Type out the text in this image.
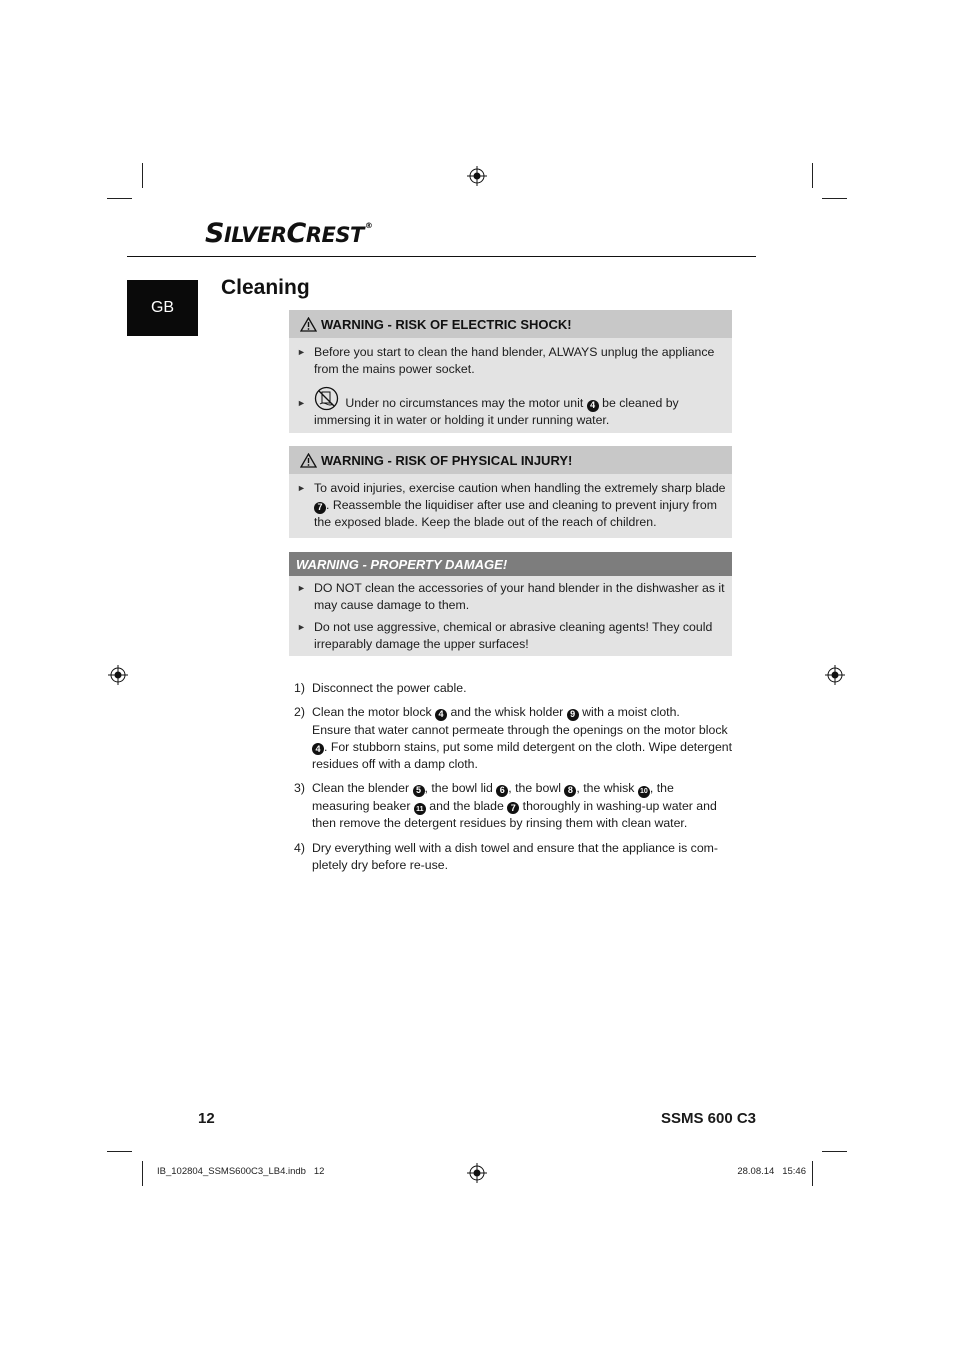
SILVERCREST®
GB
Cleaning
WARNING - RISK OF ELECTRIC SHOCK!
► Before you start to clean the hand blender, ALWAYS unplug the appliance from the mains power socket.
►	Under no circumstances may the motor unit 4 be cleaned by immersing it in water or holding it under running water.
WARNING - RISK OF PHYSICAL INJURY!
► To avoid injuries, exercise caution when handling the extremely sharp blade 7 . Reassemble the liquidiser after use and cleaning to prevent injury from the exposed blade. Keep the blade out of the reach of children.
WARNING - PROPERTY DAMAGE!
► DO NOT clean the accessories of your hand blender in the dishwasher as it may cause damage to them.
► Do not use aggressive, chemical or abrasive cleaning agents! They could irreparably damage the upper surfaces!
1) Disconnect the power cable.
2) Clean the motor block 4 and the whisk holder 9 with a moist cloth.
Ensure that water cannot permeate through the openings on the motor block 4 . For stubborn stains, put some mild detergent on the cloth. Wipe detergent residues off with a damp cloth.
3) Clean the blender 5 , the bowl lid 6 , the bowl 8 , the whisk 10 , the measuring beaker 11 and the blade 7 thoroughly in washing-up water and then remove the detergent residues by rinsing them with clean water.
4) Dry everything well with a dish towel and ensure that the appliance is com-pletely dry before re-use.
12	SSMS 600 C3
IB_102804_SSMS600C3_LB4.indb   12	28.08.14   15:46
